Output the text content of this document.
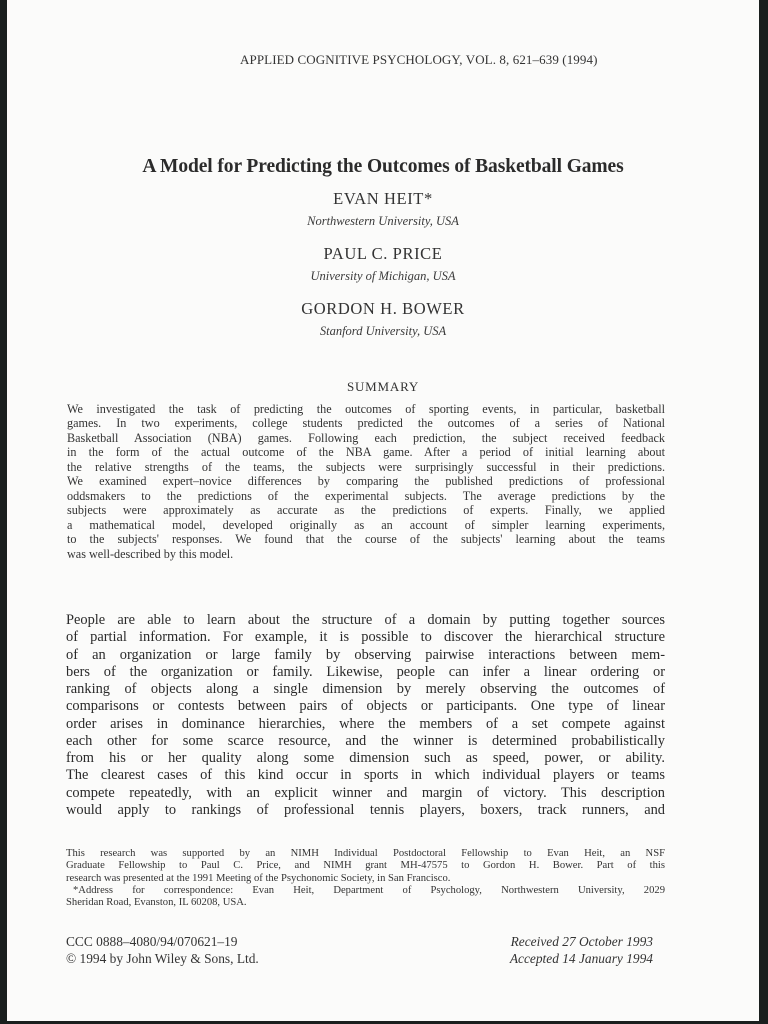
APPLIED COGNITIVE PSYCHOLOGY, VOL. 8, 621–639 (1994)
A Model for Predicting the Outcomes of Basketball Games
EVAN HEIT*
Northwestern University, USA
PAUL C. PRICE
University of Michigan, USA
GORDON H. BOWER
Stanford University, USA
SUMMARY
We investigated the task of predicting the outcomes of sporting events, in particular, basketball
games. In two experiments, college students predicted the outcomes of a series of National
Basketball Association (NBA) games. Following each prediction, the subject received feedback
in the form of the actual outcome of the NBA game. After a period of initial learning about
the relative strengths of the teams, the subjects were surprisingly successful in their predictions.
We examined expert–novice differences by comparing the published predictions of professional
oddsmakers to the predictions of the experimental subjects. The average predictions by the
subjects were approximately as accurate as the predictions of experts. Finally, we applied
a mathematical model, developed originally as an account of simpler learning experiments,
to the subjects' responses. We found that the course of the subjects' learning about the teams
was well-described by this model.
People are able to learn about the structure of a domain by putting together sources
of partial information. For example, it is possible to discover the hierarchical structure
of an organization or large family by observing pairwise interactions between mem-
bers of the organization or family. Likewise, people can infer a linear ordering or
ranking of objects along a single dimension by merely observing the outcomes of
comparisons or contests between pairs of objects or participants. One type of linear
order arises in dominance hierarchies, where the members of a set compete against
each other for some scarce resource, and the winner is determined probabilistically
from his or her quality along some dimension such as speed, power, or ability.
The clearest cases of this kind occur in sports in which individual players or teams
compete repeatedly, with an explicit winner and margin of victory. This description
would apply to rankings of professional tennis players, boxers, track runners, and
This research was supported by an NIMH Individual Postdoctoral Fellowship to Evan Heit, an NSF
Graduate Fellowship to Paul C. Price, and NIMH grant MH-47575 to Gordon H. Bower. Part of this
research was presented at the 1991 Meeting of the Psychonomic Society, in San Francisco.
*Address for correspondence: Evan Heit, Department of Psychology, Northwestern University, 2029
Sheridan Road, Evanston, IL 60208, USA.
CCC 0888–4080/94/070621–19
© 1994 by John Wiley & Sons, Ltd.
Received 27 October 1993
Accepted 14 January 1994
